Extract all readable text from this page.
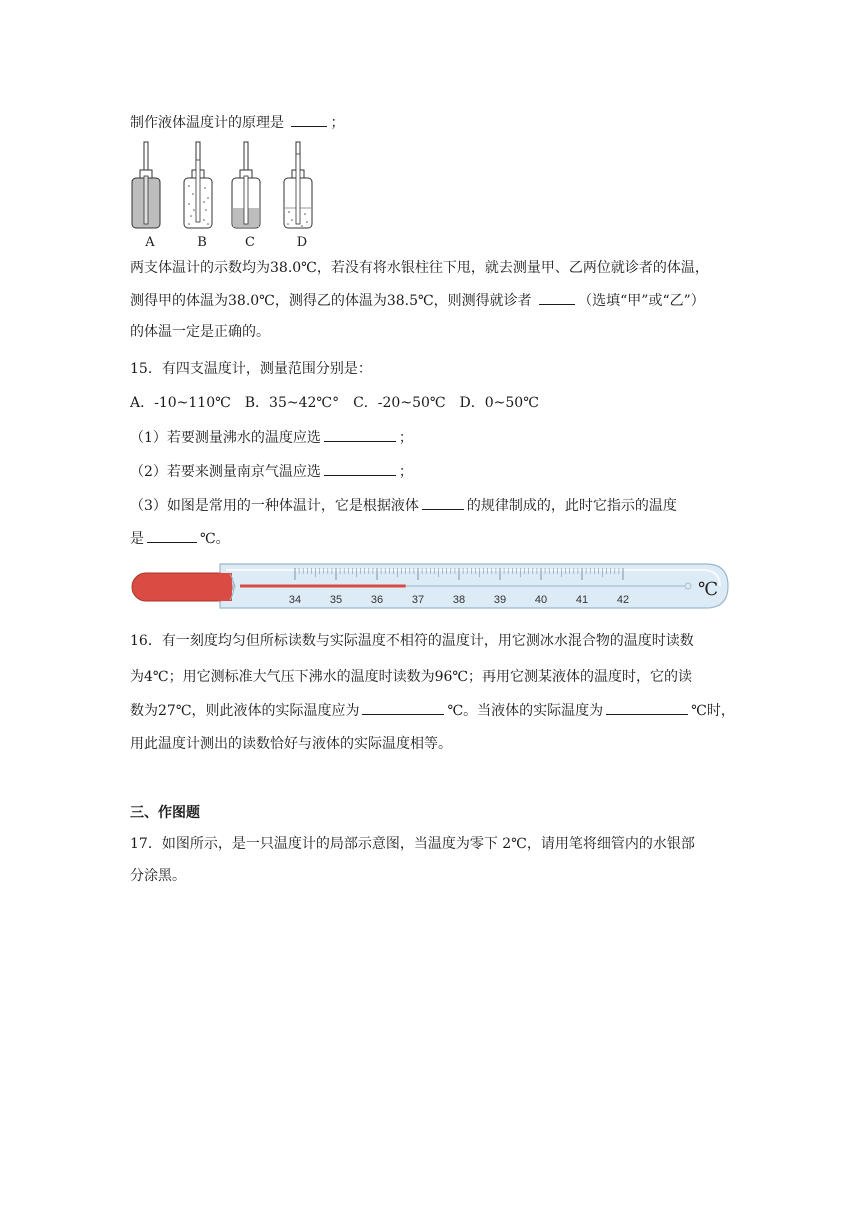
制作液体温度计的原理是	；
A	B	C	D
两支体温计的示数均为38.0℃，若没有将水银柱往下甩，就去测量甲、乙两位就诊者的体温，
测得甲的体温为38.0℃，测得乙的体温为38.5℃，则测得就诊者	（选填“甲”或“乙”）
的体温一定是正确的。
15．有四支温度计，测量范围分别是：
A．-10~110℃　B．35~42℃°　C．-20~50℃　D．0~50℃
（1）若要测量沸水的温度应选	；
（2）若要来测量南京气温应选	；
（3）如图是常用的一种体温计，它是根据液体	的规律制成的，此时它指示的温度
是	℃。
34	35	36	37	38	39	40	41	42	℃
16．有一刻度均匀但所标读数与实际温度不相符的温度计，用它测冰水混合物的温度时读数
为4℃；用它测标准大气压下沸水的温度时读数为96℃；再用它测某液体的温度时，它的读
数为27℃，则此液体的实际温度应为	℃。当液体的实际温度为	℃时，
用此温度计测出的读数恰好与液体的实际温度相等。
三、作图题
17．如图所示，是一只温度计的局部示意图，当温度为零下 2℃，请用笔将细管内的水银部
分涂黑。
